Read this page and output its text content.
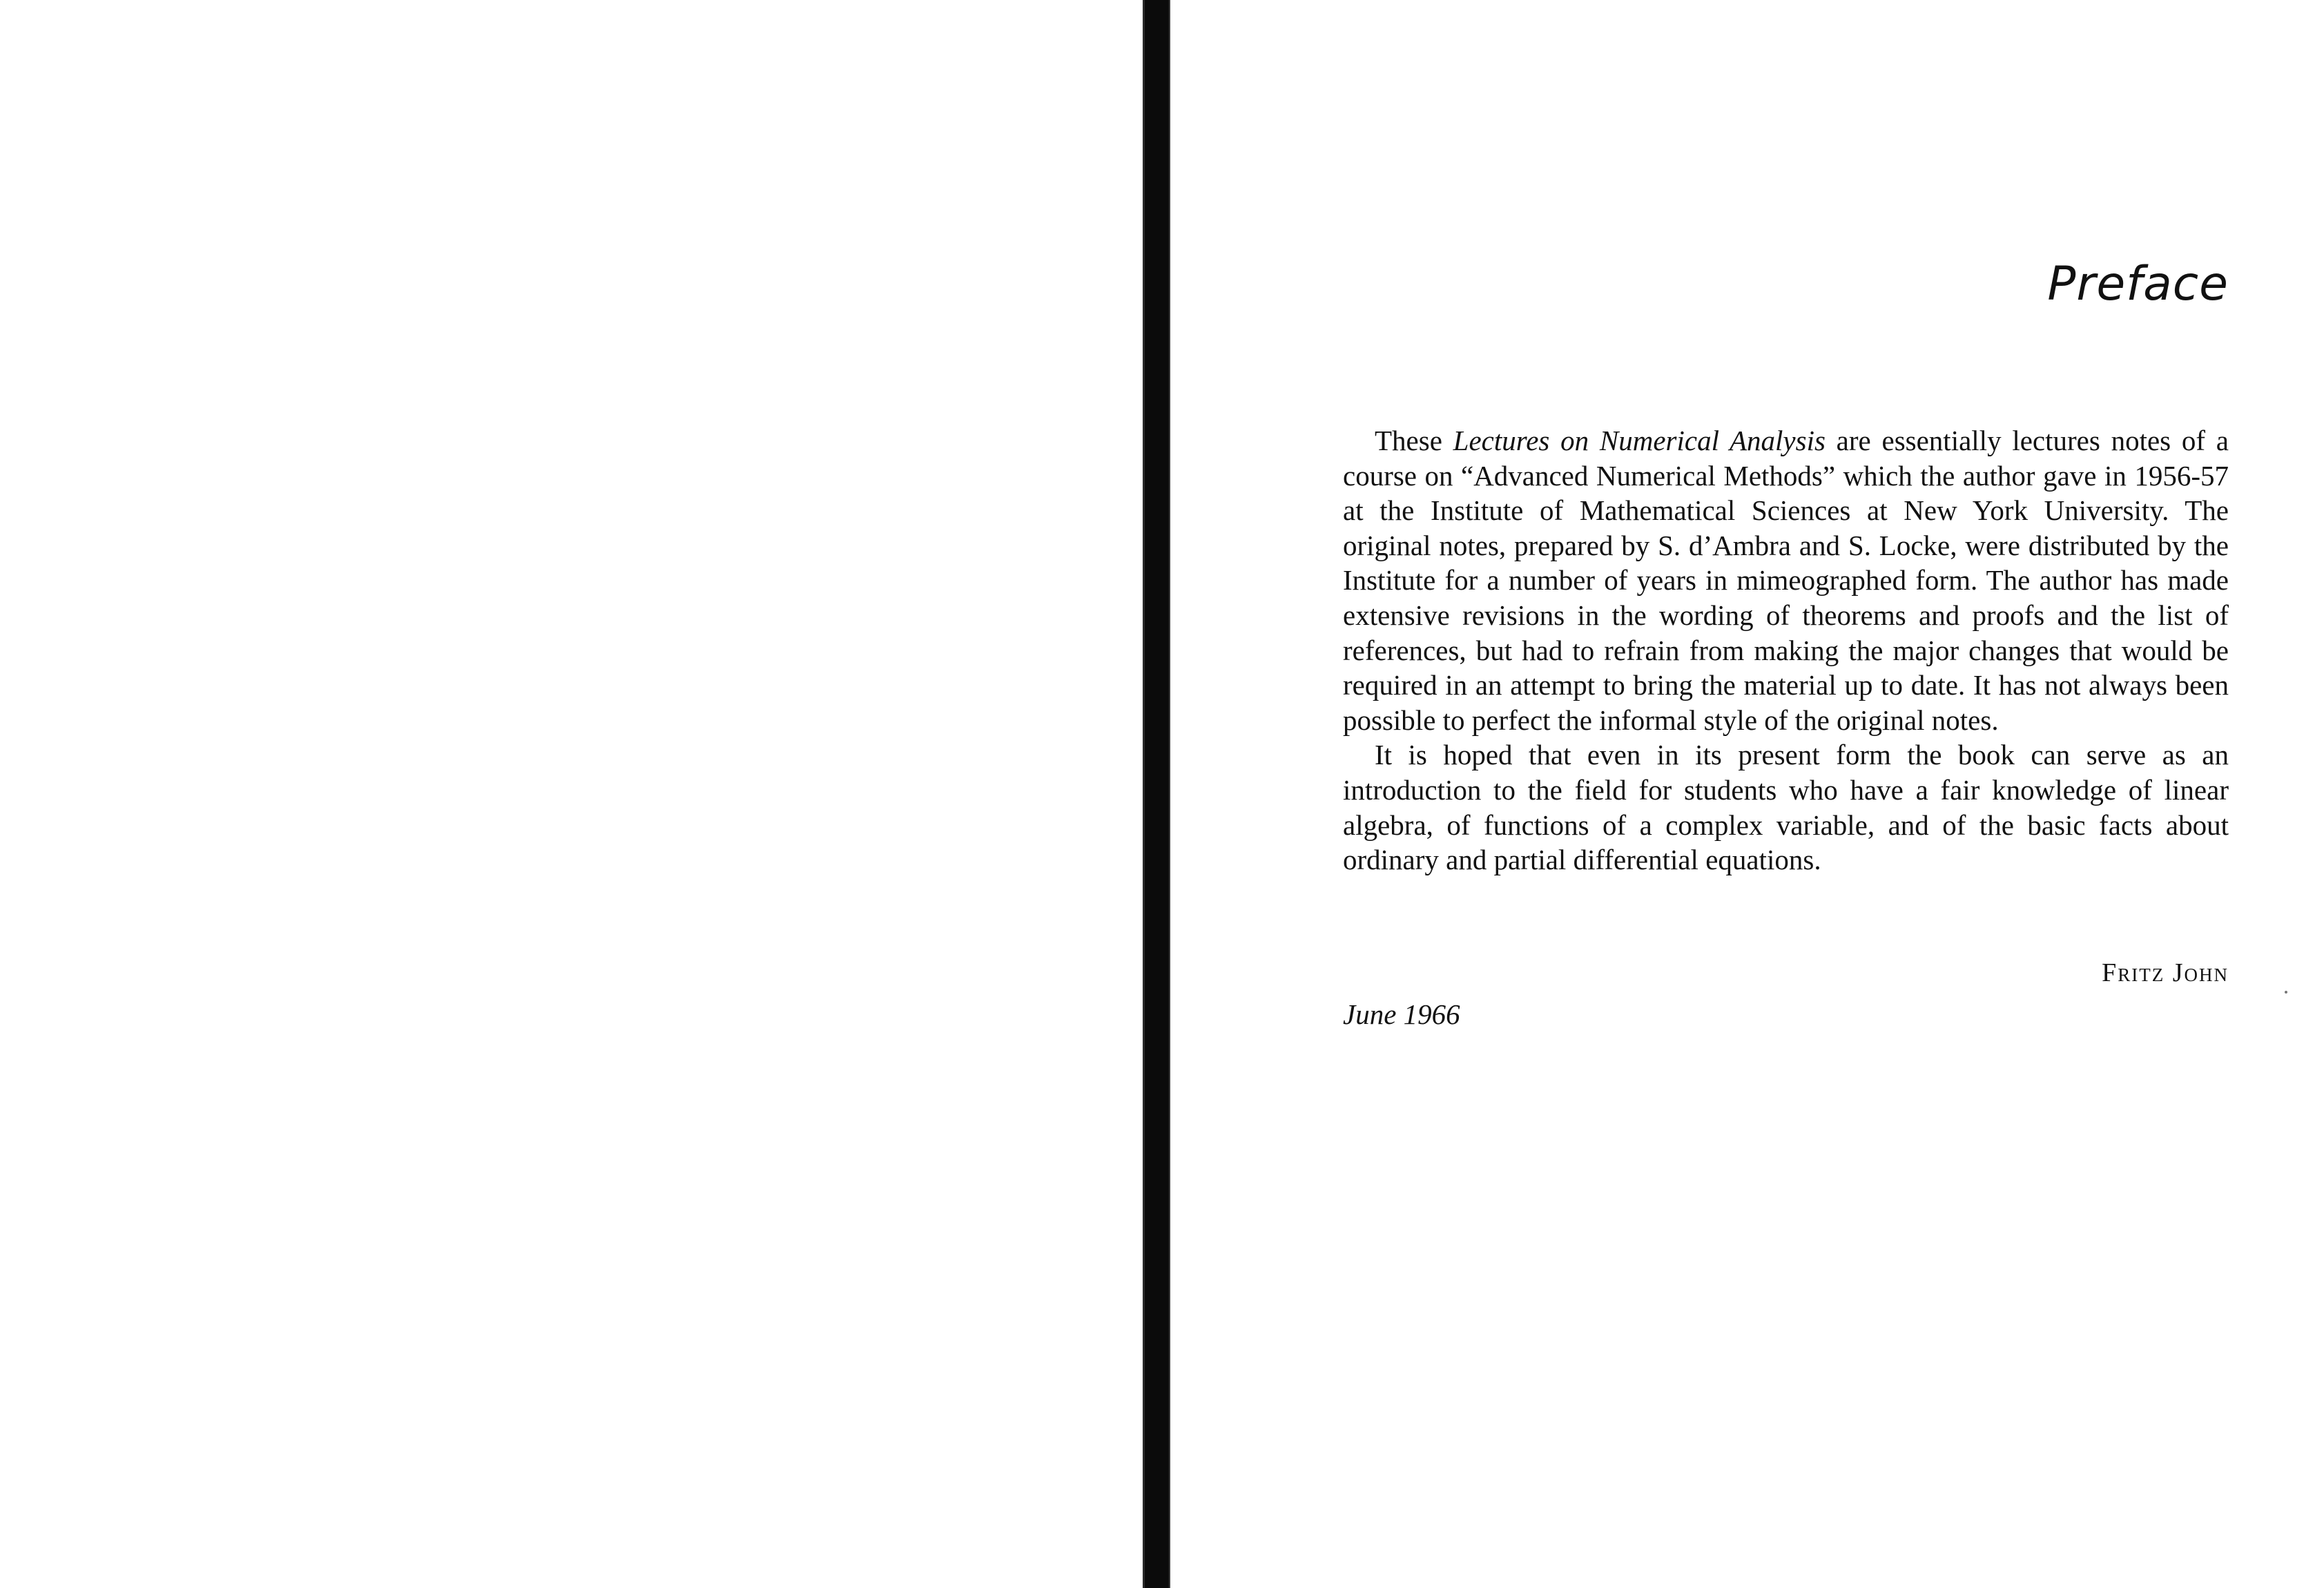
Preface

These Lectures on Numerical Analysis are essentially lectures notes of a course on “Advanced Numerical Methods” which the author gave in 1956-57 at the Institute of Mathematical Sciences at New York University. The original notes, prepared by S. d’Ambra and S. Locke, were distributed by the Institute for a number of years in mimeographed form. The author has made extensive revisions in the wording of theorems and proofs and the list of references, but had to refrain from making the major changes that would be required in an attempt to bring the material up to date. It has not always been possible to perfect the informal style of the original notes.

It is hoped that even in its present form the book can serve as an introduction to the field for students who have a fair knowledge of linear algebra, of functions of a complex variable, and of the basic facts about ordinary and partial differential equations.

Fritz John
June 1966
